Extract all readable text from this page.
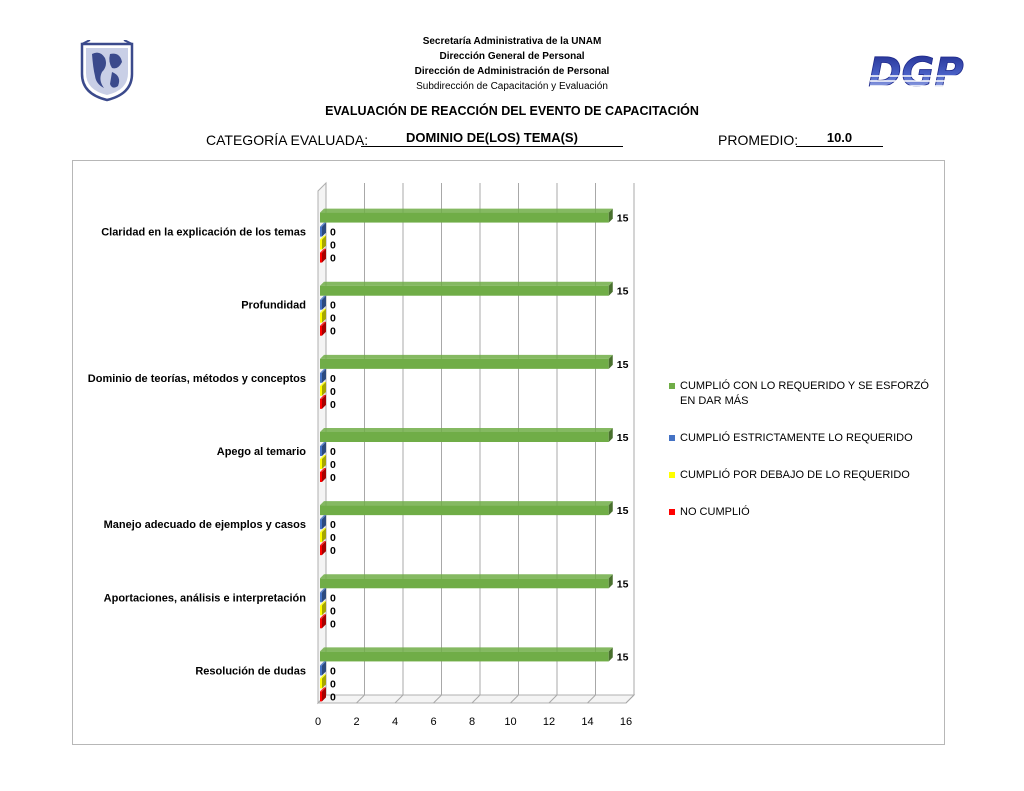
Secretaría Administrativa de la UNAM
Dirección General de Personal
Dirección de Administración de Personal
Subdirección de Capacitación y Evaluación	DGP
EVALUACIÓN DE REACCIÓN DEL EVENTO DE CAPACITACIÓN
CATEGORÍA EVALUADA:	DOMINIO DE(LOS) TEMA(S)	PROMEDIO:	10.0
0	2	4	6	8	10 12 14 16
Claridad en la explicación de los temas
15
0
0
0
Profundidad
15
0
0
0
Dominio de teorías, métodos y conceptos
15
0
0
0
Apego al temario
15
0
0
0
Manejo adecuado de ejemplos y casos
15
0
0
0
Aportaciones, análisis e interpretación
15
0
0
0
Resolución de dudas
15
0
0
0
CUMPLIÓ CON LO REQUERIDO Y SE ESFORZÓ EN DAR MÁS
CUMPLIÓ ESTRICTAMENTE LO REQUERIDO
CUMPLIÓ POR DEBAJO DE LO REQUERIDO
NO CUMPLIÓ
